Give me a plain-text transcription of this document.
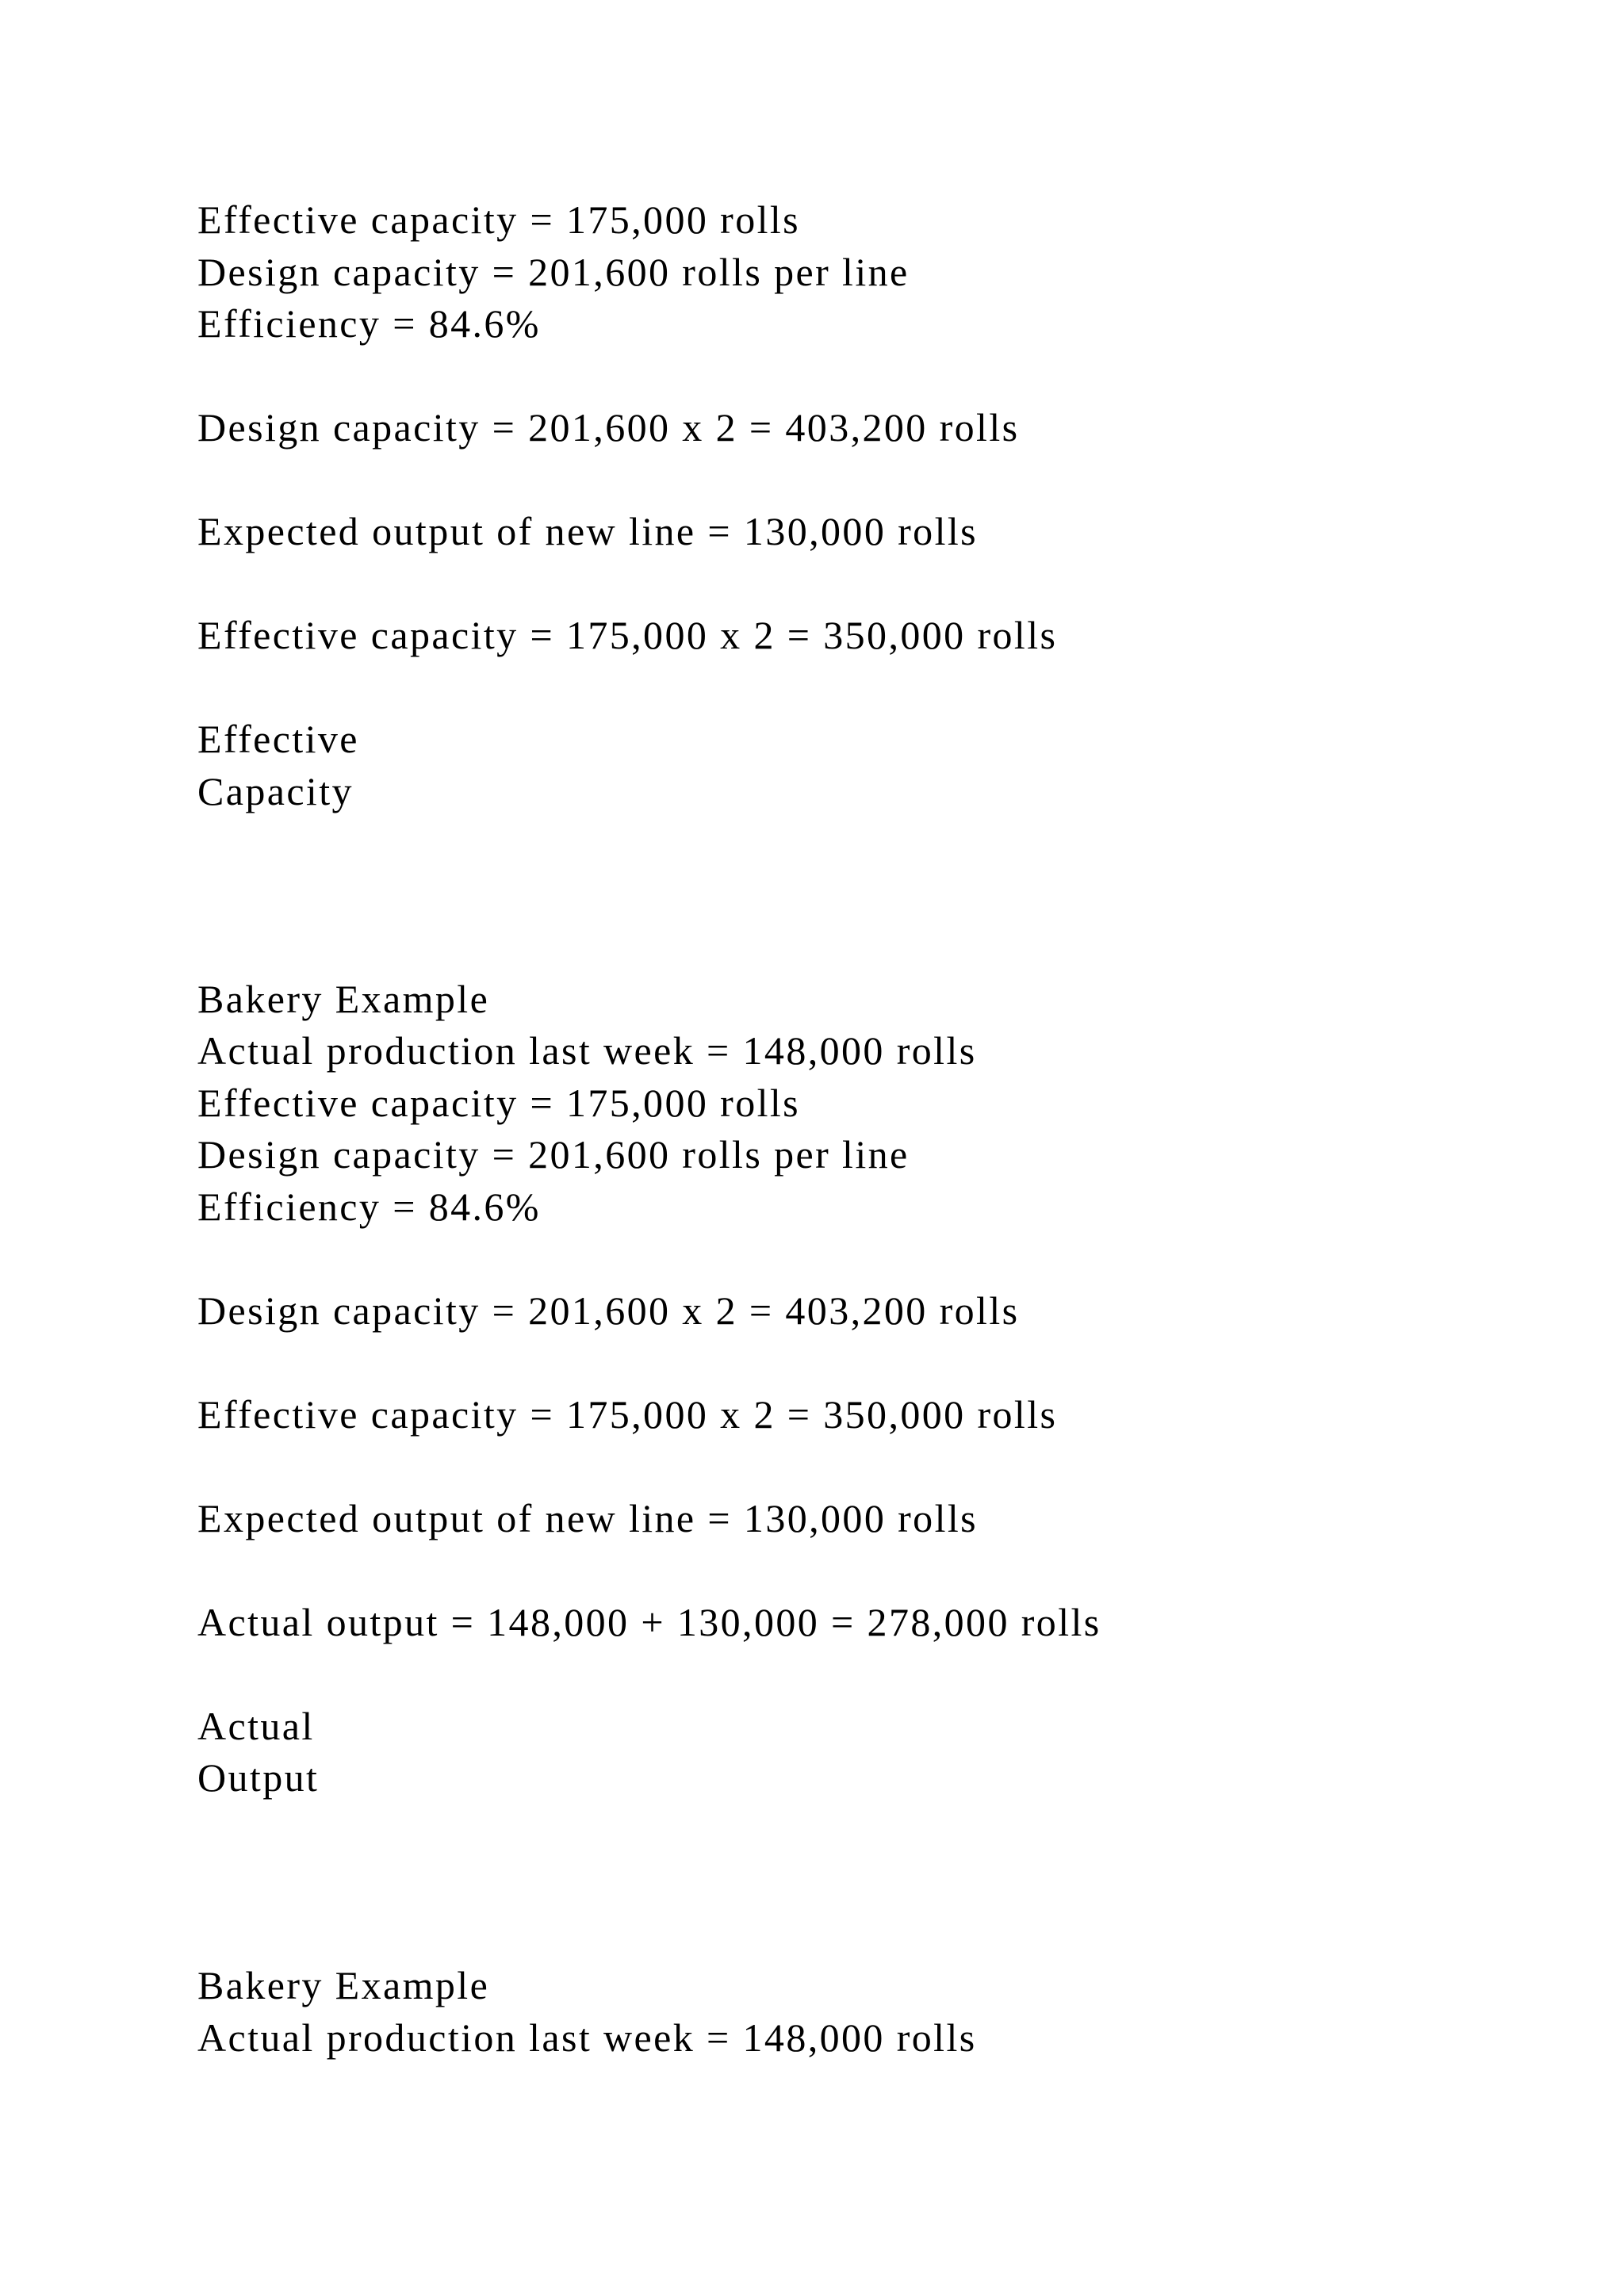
Effective capacity = 175,000 rolls
Design capacity = 201,600 rolls per line
Efficiency = 84.6%
Design capacity = 201,600 x 2 = 403,200 rolls
Expected output of new line = 130,000 rolls
Effective capacity = 175,000 x 2 = 350,000 rolls
Effective
Capacity
Bakery Example
Actual production last week = 148,000 rolls
Effective capacity = 175,000 rolls
Design capacity = 201,600 rolls per line
Efficiency = 84.6%
Design capacity = 201,600 x 2 = 403,200 rolls
Effective capacity = 175,000 x 2 = 350,000 rolls
Expected output of new line = 130,000 rolls
Actual output = 148,000 + 130,000 = 278,000 rolls
Actual
Output
Bakery Example
Actual production last week = 148,000 rolls
